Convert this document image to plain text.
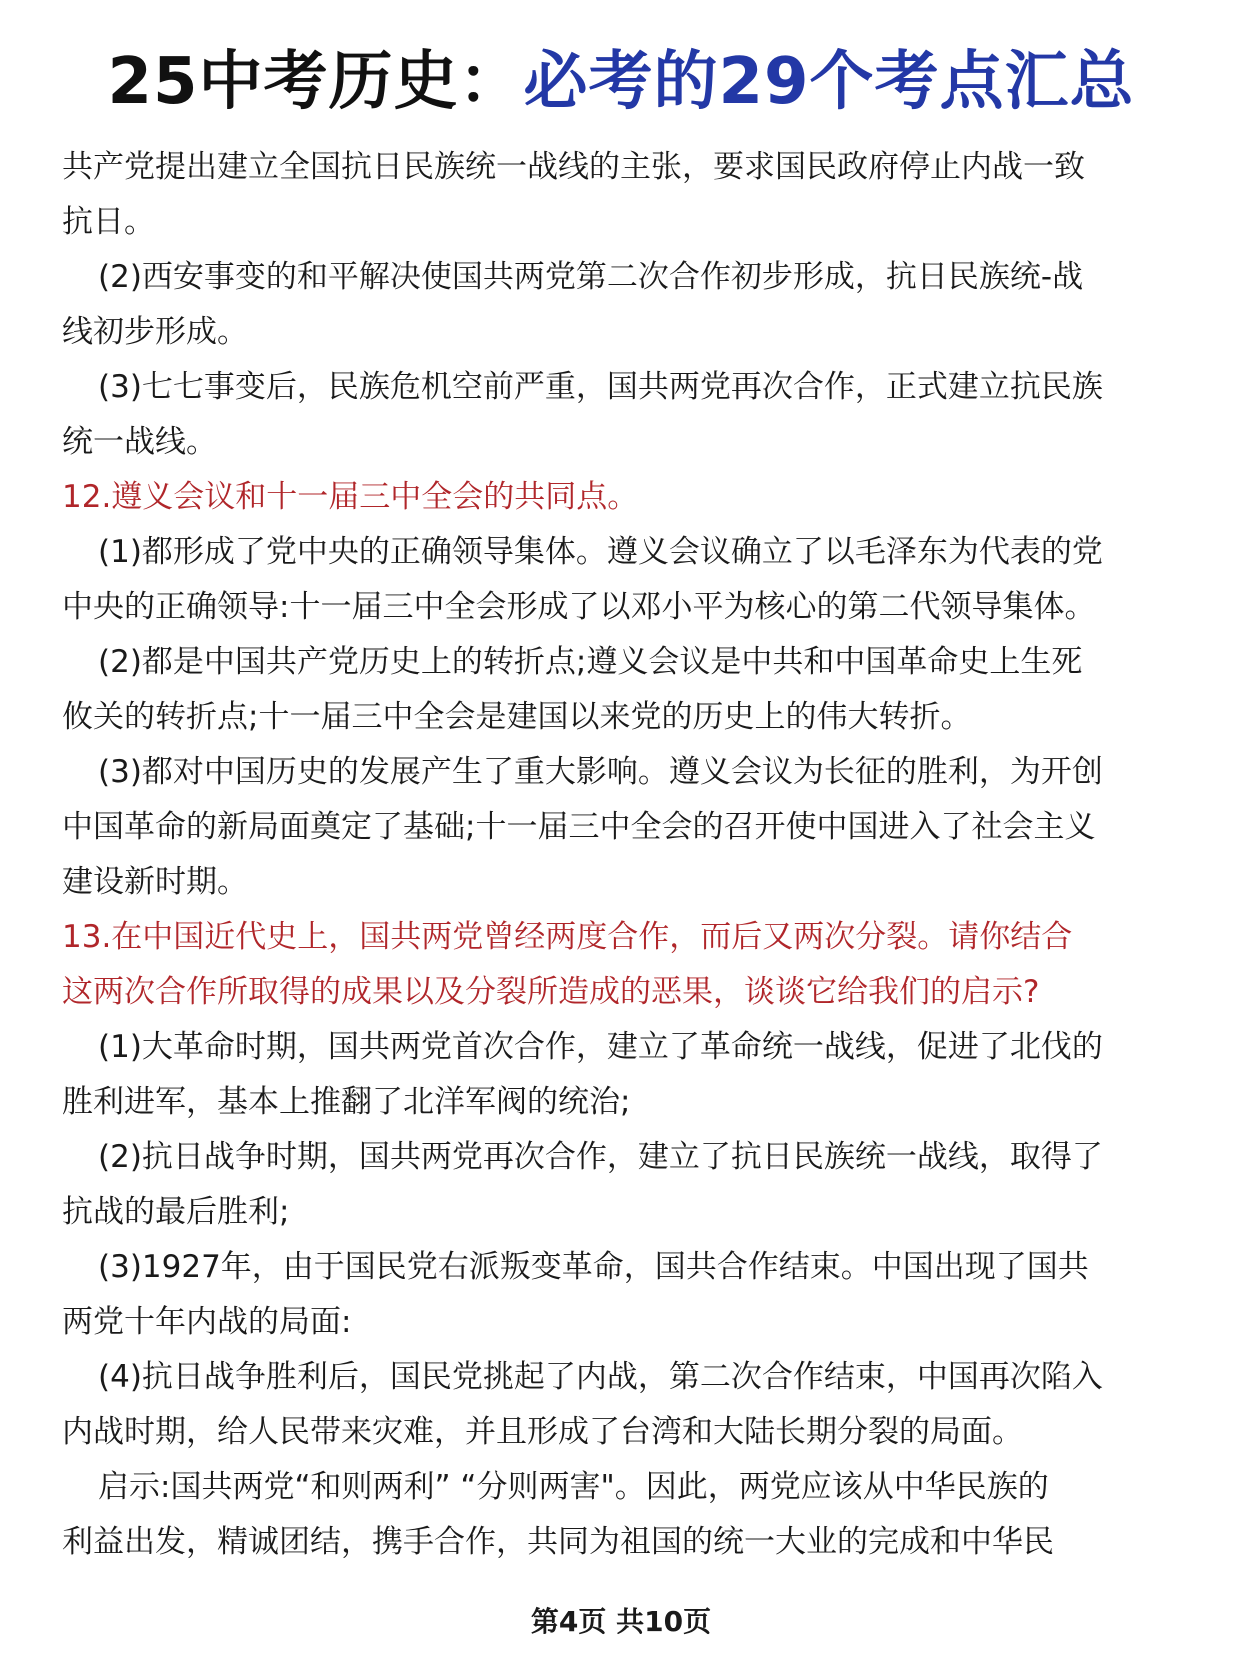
25中考历史：必考的29个考点汇总
共产党提出建立全国抗日民族统一战线的主张，要求国民政府停止内战一致
抗日。
(2)西安事变的和平解决使国共两党第二次合作初步形成，抗日民族统-战
线初步形成。
(3)七七事变后，民族危机空前严重，国共两党再次合作，正式建立抗民族
统一战线。
12.遵义会议和十一届三中全会的共同点。
(1)都形成了党中央的正确领导集体。遵义会议确立了以毛泽东为代表的党
中央的正确领导:十一届三中全会形成了以邓小平为核心的第二代领导集体。
(2)都是中国共产党历史上的转折点;遵义会议是中共和中国革命史上生死
攸关的转折点;十一届三中全会是建国以来党的历史上的伟大转折。
(3)都对中国历史的发展产生了重大影响。遵义会议为长征的胜利，为开创
中国革命的新局面奠定了基础;十一届三中全会的召开使中国进入了社会主义
建设新时期。
13.在中国近代史上，国共两党曾经两度合作，而后又两次分裂。请你结合
这两次合作所取得的成果以及分裂所造成的恶果，谈谈它给我们的启示?
(1)大革命时期，国共两党首次合作，建立了革命统一战线，促进了北伐的
胜利进军，基本上推翻了北洋军阀的统治;
(2)抗日战争时期，国共两党再次合作，建立了抗日民族统一战线，取得了
抗战的最后胜利;
(3)1927年，由于国民党右派叛变革命，国共合作结束。中国出现了国共
两党十年内战的局面:
(4)抗日战争胜利后，国民党挑起了内战，第二次合作结束，中国再次陷入
内战时期，给人民带来灾难，并且形成了台湾和大陆长期分裂的局面。
启示:国共两党“和则两利” “分则两害"。因此，两党应该从中华民族的
利益出发，精诚团结，携手合作，共同为祖国的统一大业的完成和中华民
第4页 共10页
